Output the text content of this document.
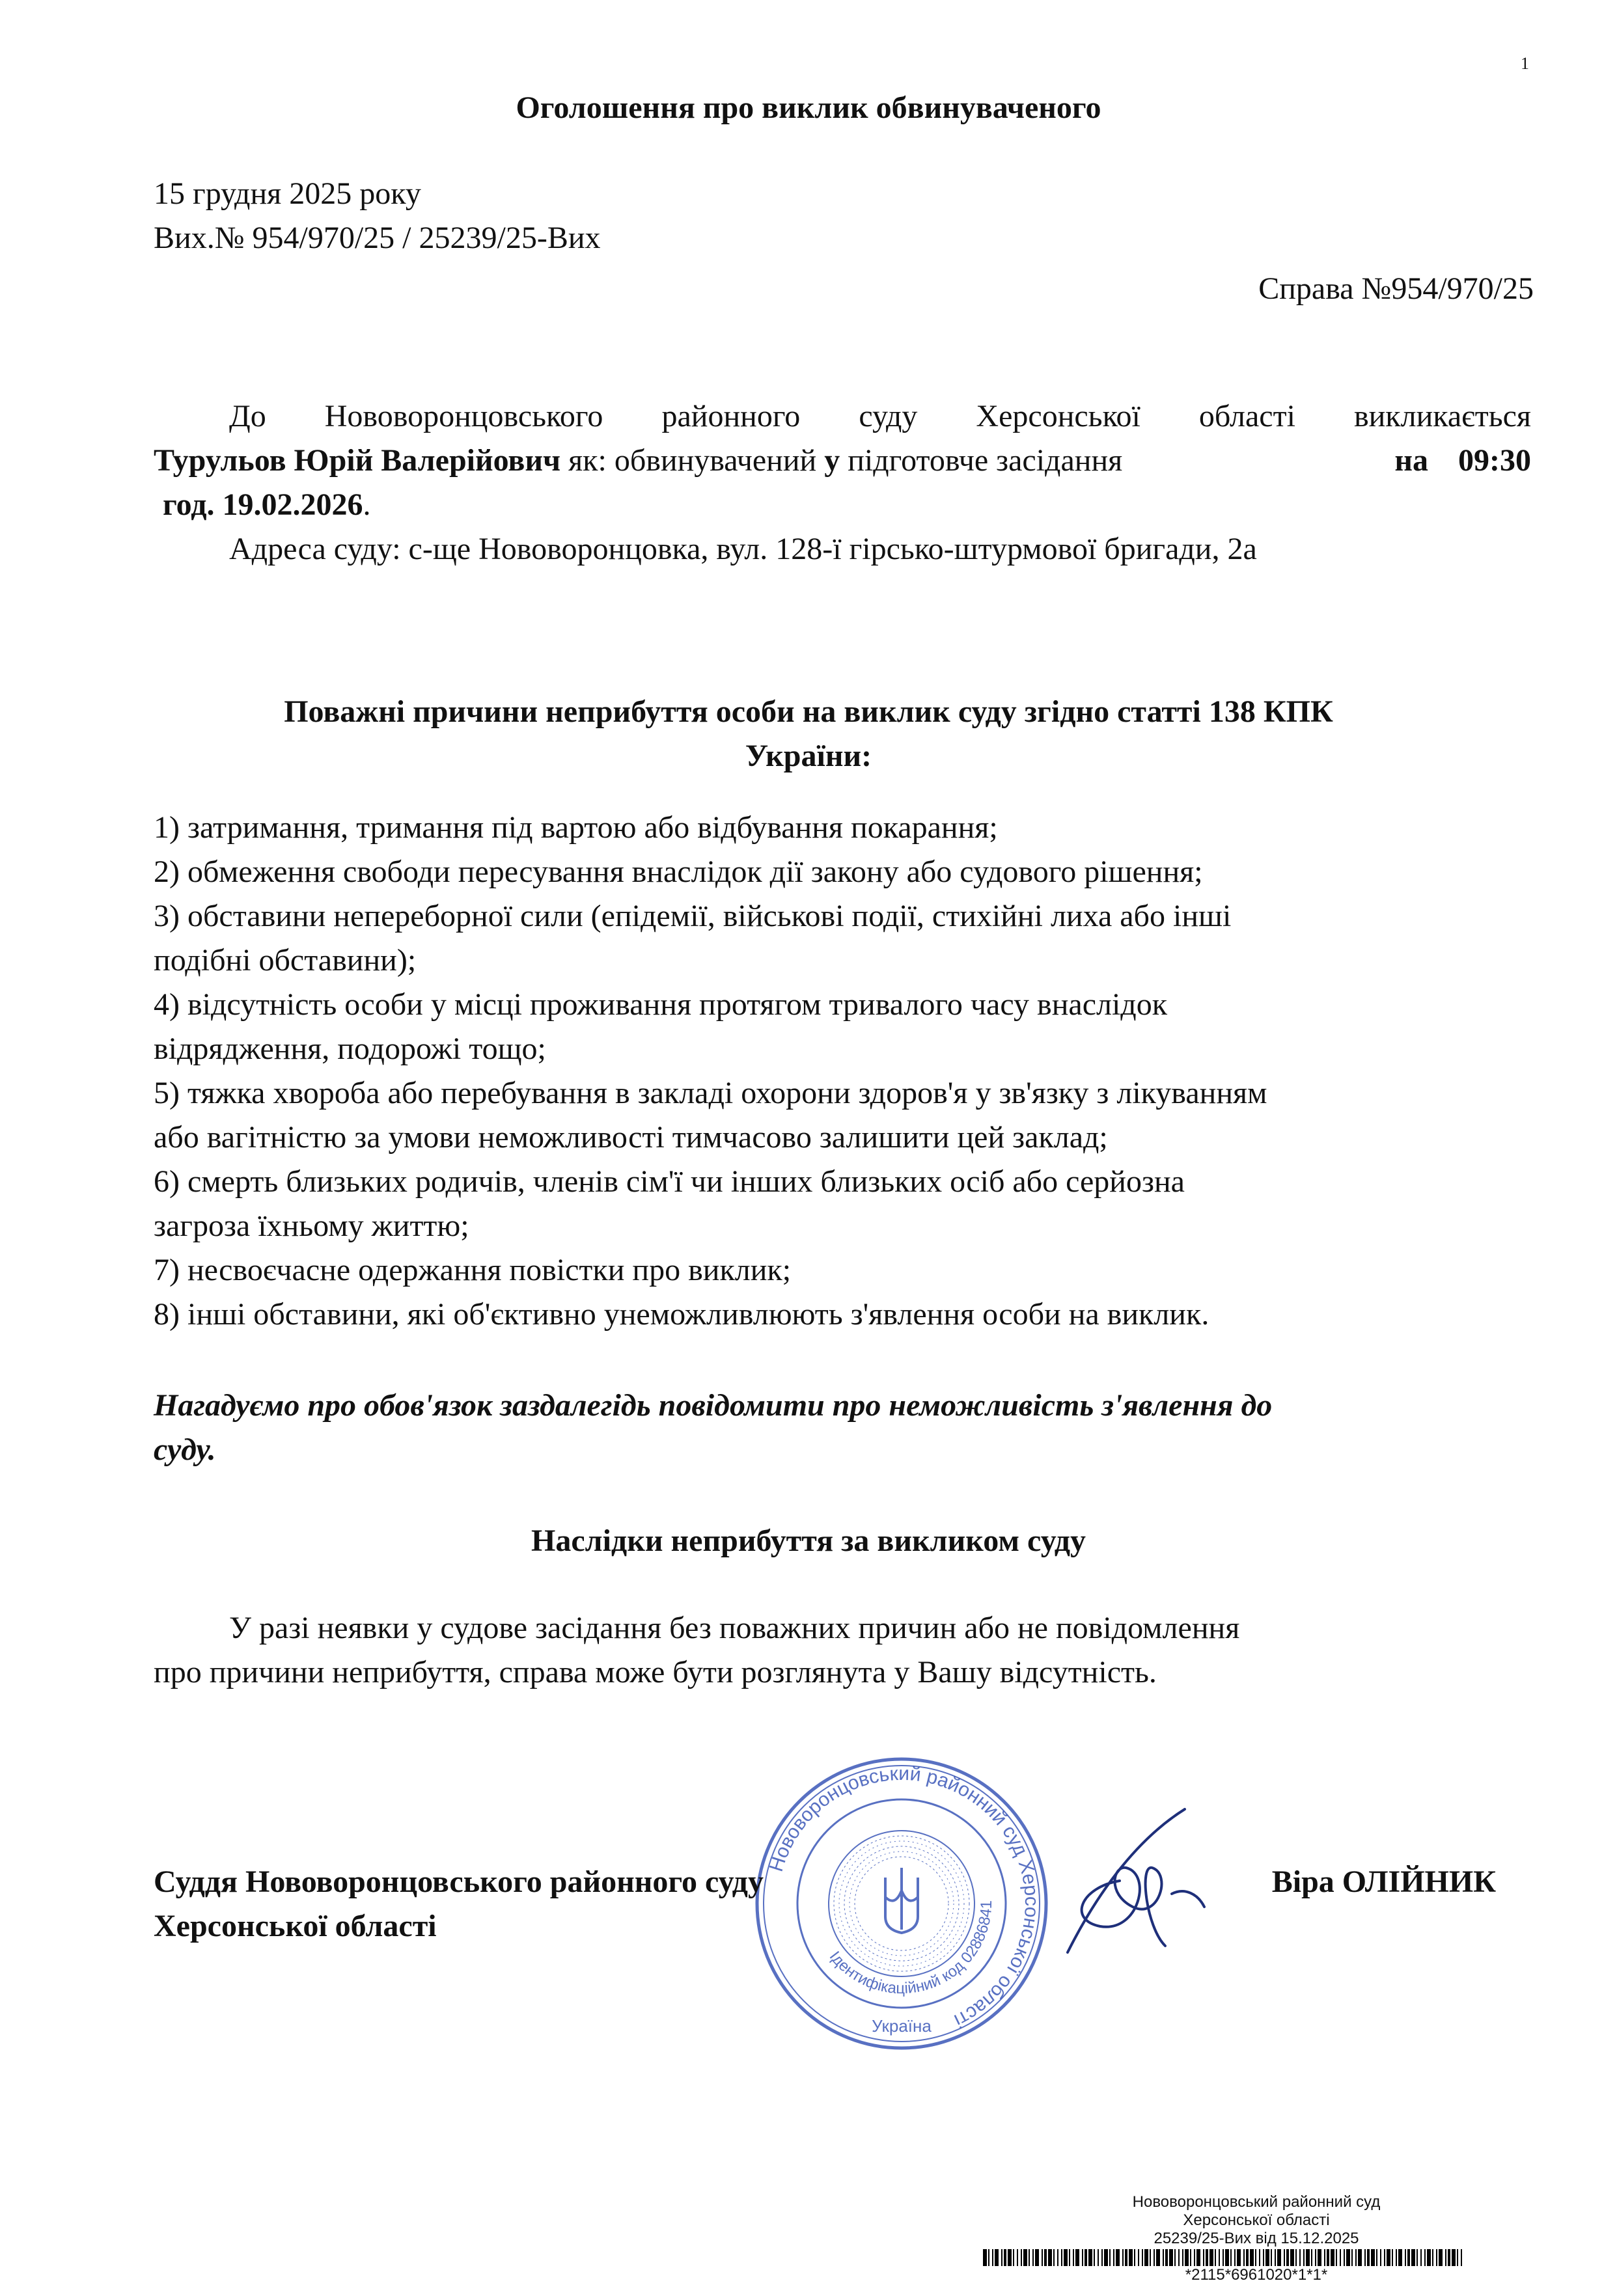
1
Оголошення про виклик обвинуваченого
15 грудня 2025 року
Вих.№ 954/970/25 / 25239/25-Вих
Справа №954/970/25
До Нововоронцовського районного суду Херсонської області викликається
Турульов Юрій Валерійович як: обвинувачений у підготовче засідання	на 09:30
год. 19.02.2026.
Адреса суду: с-ще Нововоронцовка, вул. 128-ї гірсько-штурмової бригади, 2а
Поважні причини неприбуття особи на виклик суду згідно статті 138 КПК
України:
1) затримання, тримання під вартою або відбування покарання;
2) обмеження свободи пересування внаслідок дії закону або судового рішення;
3) обставини непереборної сили (епідемії, військові події, стихійні лиха або інші
подібні обставини);
4) відсутність особи у місці проживання протягом тривалого часу внаслідок
відрядження, подорожі тощо;
5) тяжка хвороба або перебування в закладі охорони здоров'я у зв'язку з лікуванням
або вагітністю за умови неможливості тимчасово залишити цей заклад;
6) смерть близьких родичів, членів сім'ї чи інших близьких осіб або серйозна
загроза їхньому життю;
7) несвоєчасне одержання повістки про виклик;
8) інші обставини, які об'єктивно унеможливлюють з'явлення особи на виклик.
Нагадуємо про обов'язок заздалегідь повідомити про неможливість з'явлення до
суду.
Наслідки неприбуття за викликом суду
У разі неявки у судове засідання без поважних причин або не повідомлення
про причини неприбуття, справа може бути розглянута у Вашу відсутність.
Нововоронцовський районний суд Херсонської області
Ідентифікаційний код 02886841
Україна
Суддя Нововоронцовського районного суду
Херсонської області
Віра ОЛІЙНИК
Нововоронцовський районний суд
Херсонської області
25239/25-Вих від 15.12.2025
*2115*6961020*1*1*
